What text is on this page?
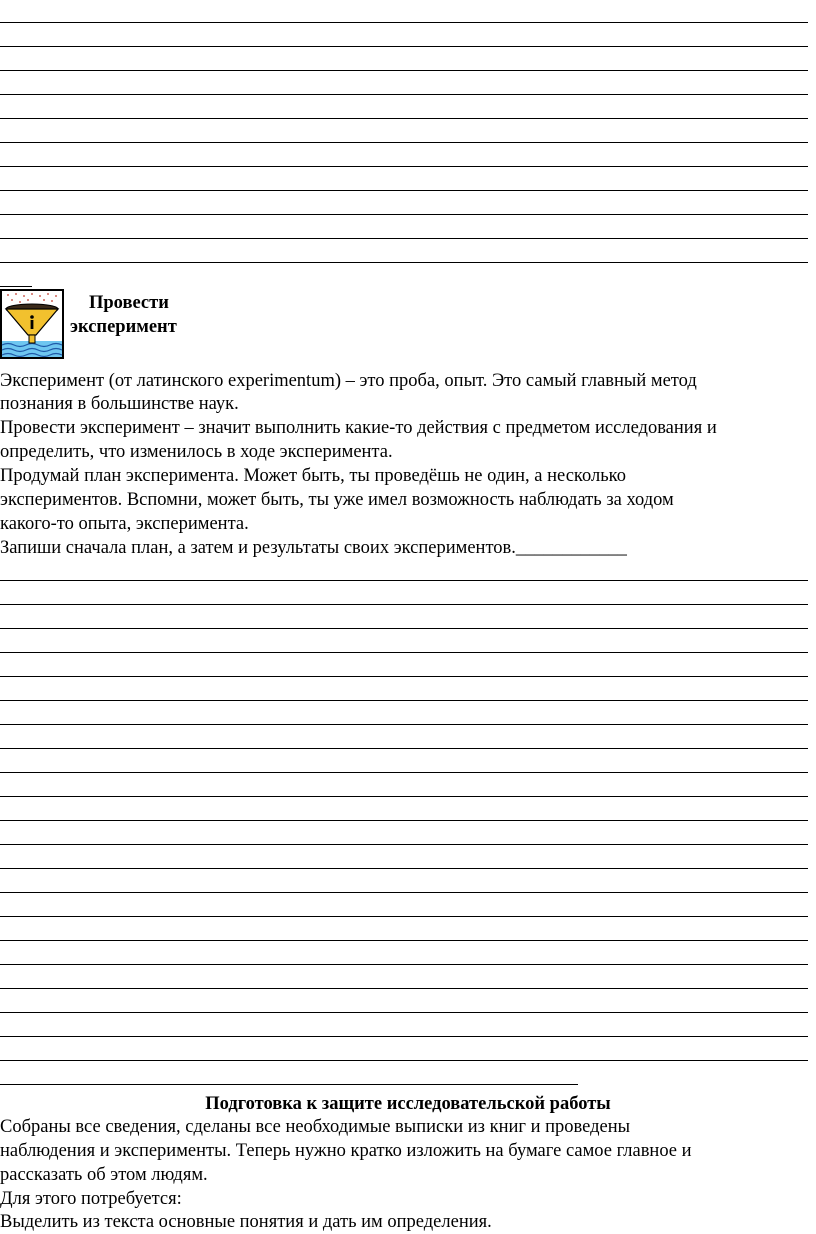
Провести
эксперимент
Эксперимент (от латинского experimentum) – это проба, опыт. Это самый главный метод
познания в большинстве наук.
Провести эксперимент – значит выполнить какие-то действия с предметом исследования и
определить, что изменилось в ходе эксперимента.
Продумай план эксперимента. Может быть, ты проведёшь не один, а несколько
экспериментов. Вспомни, может быть, ты уже имел возможность наблюдать за ходом
какого-то опыта, эксперимента.
Запиши сначала план, а затем и результаты своих экспериментов.____________
Подготовка к защите исследовательской работы
Собраны все сведения, сделаны все необходимые выписки из книг и проведены
наблюдения и эксперименты. Теперь нужно кратко изложить на бумаге самое главное и
рассказать об этом людям.
Для этого потребуется:
Выделить из текста основные понятия и дать им определения.
